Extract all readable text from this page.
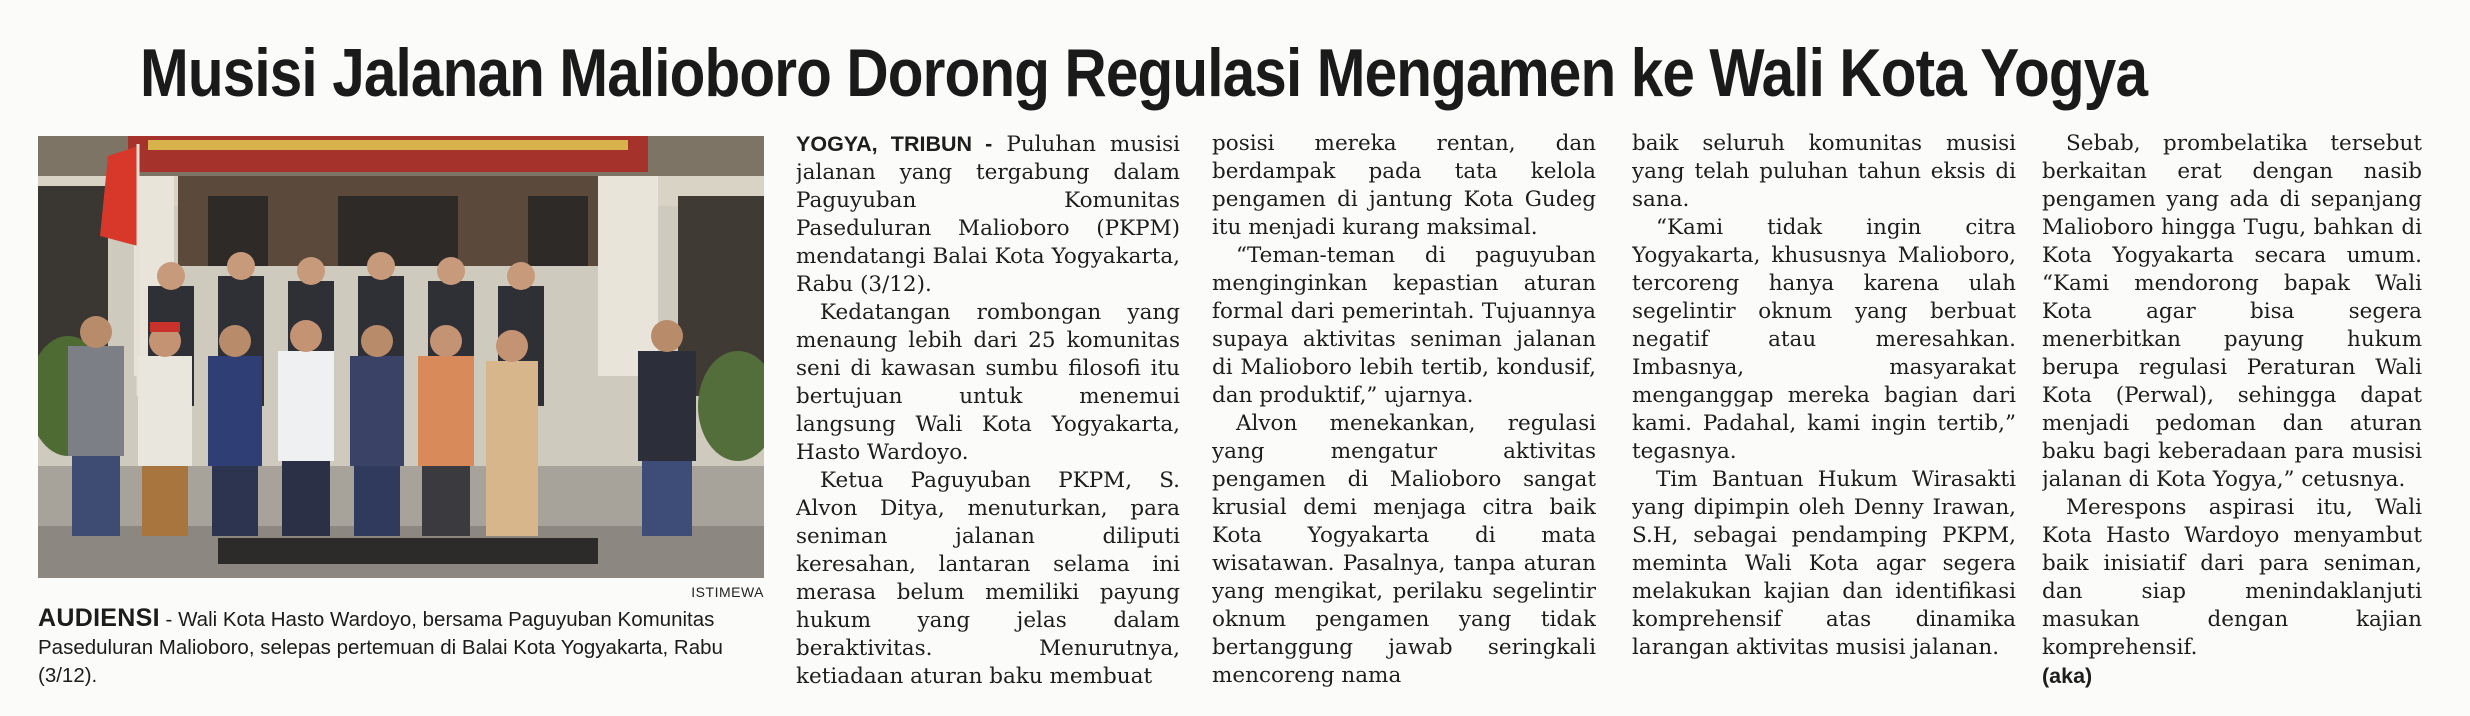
Musisi Jalanan Malioboro Dorong Regulasi Mengamen ke Wali Kota Yogya
ISTIMEWA
AUDIENSI - Wali Kota Hasto Wardoyo, bersama Paguyuban Komunitas Paseduluran Malioboro, selepas pertemuan di Balai Kota Yogyakarta, Rabu (3/12).

YOGYA, TRIBUN - Puluhan musisi jalanan yang tergabung dalam Paguyuban Komunitas Paseduluran Malioboro (PKPM) mendatangi Balai Kota Yogyakarta, Rabu (3/12).

Kedatangan rombongan yang menaung lebih dari 25 komunitas seni di kawasan sumbu filosofi itu bertujuan untuk menemui langsung Wali Kota Yogyakarta, Hasto Wardoyo.

Ketua Paguyuban PKPM, S. Alvon Ditya, menuturkan, para seniman jalanan diliputi keresahan, lantaran selama ini merasa belum memiliki payung hukum yang jelas dalam beraktivitas. Menurutnya, ketiadaan aturan baku membuat

posisi mereka rentan, dan berdampak pada tata kelola pengamen di jantung Kota Gudeg itu menjadi kurang maksimal.

“Teman-teman di paguyuban menginginkan kepastian aturan formal dari pemerintah. Tujuannya supaya aktivitas seniman jalanan di Malioboro lebih tertib, kondusif, dan produktif,” ujarnya.

Alvon menekankan, regulasi yang mengatur aktivitas pengamen di Malioboro sangat krusial demi menjaga citra baik Kota Yogyakarta di mata wisatawan. Pasalnya, tanpa aturan yang mengikat, perilaku segelintir oknum pengamen yang tidak bertanggung jawab seringkali mencoreng nama

baik seluruh komunitas musisi yang telah puluhan tahun eksis di sana.

“Kami tidak ingin citra Yogyakarta, khususnya Malioboro, tercoreng hanya karena ulah segelintir oknum yang berbuat negatif atau meresahkan. Imbasnya, masyarakat menganggap mereka bagian dari kami. Padahal, kami ingin tertib,” tegasnya.

Tim Bantuan Hukum Wirasakti yang dipimpin oleh Denny Irawan, S.H, sebagai pendamping PKPM, meminta Wali Kota agar segera melakukan kajian dan identifikasi komprehensif atas dinamika larangan aktivitas musisi jalanan.

Sebab, prombelatika tersebut berkaitan erat dengan nasib pengamen yang ada di sepanjang Malioboro hingga Tugu, bahkan di Kota Yogyakarta secara umum. “Kami mendorong bapak Wali Kota agar bisa segera menerbitkan payung hukum berupa regulasi Peraturan Wali Kota (Perwal), sehingga dapat menjadi pedoman dan aturan baku bagi keberadaan para musisi jalanan di Kota Yogya,” cetusnya.

Merespons aspirasi itu, Wali Kota Hasto Wardoyo menyambut baik inisiatif dari para seniman, dan siap menindaklanjuti masukan dengan kajian komprehensif.

(aka)
